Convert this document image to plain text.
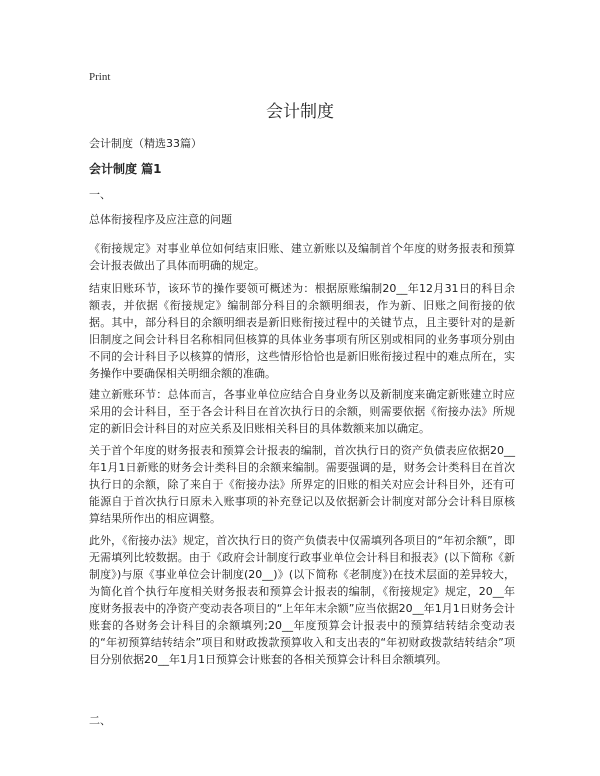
Print
会计制度

会计制度（精选33篇）

会计制度 篇1

一、

总体衔接程序及应注意的问题

《衔接规定》对事业单位如何结束旧账、建立新账以及编制首个年度的财务报表和预算会计报表做出了具体而明确的规定。

结束旧账环节，该环节的操作要领可概述为：根据原账编制20__年12月31日的科目余额表，并依据《衔接规定》编制部分科目的余额明细表，作为新、旧账之间衔接的依据。其中，部分科目的余额明细表是新旧账衔接过程中的关键节点，且主要针对的是新旧制度之间会计科目名称相同但核算的具体业务事项有所区别或相同的业务事项分别由不同的会计科目予以核算的情形，这些情形恰恰也是新旧账衔接过程中的难点所在，实务操作中要确保相关明细余额的准确。

建立新账环节：总体而言，各事业单位应结合自身业务以及新制度来确定新账建立时应采用的会计科目，至于各会计科目在首次执行日的余额，则需要依据《衔接办法》所规定的新旧会计科目的对应关系及旧账相关科目的具体数额来加以确定。

关于首个年度的财务报表和预算会计报表的编制，首次执行日的资产负债表应依据20__年1月1日新账的财务会计类科目的余额来编制。需要强调的是，财务会计类科目在首次执行日的余额，除了来自于《衔接办法》所界定的旧账的相关对应会计科目外，还有可能源自于首次执行日原未入账事项的补充登记以及依据新会计制度对部分会计科目原核算结果所作出的相应调整。

此外，《衔接办法》规定，首次执行日的资产负债表中仅需填列各项目的“年初余额”，即无需填列比较数据。由于《政府会计制度行政事业单位会计科目和报表》(以下简称《新制度》)与原《事业单位会计制度(20__)》(以下简称《老制度》)在技术层面的差异较大，为简化首个执行年度相关财务报表和预算会计报表的编制，《衔接规定》规定，20__年度财务报表中的净资产变动表各项目的“上年年末余额”应当依据20__年1月1日财务会计账套的各财务会计科目的余额填列;20__年度预算会计报表中的预算结转结余变动表的“年初预算结转结余”项目和财政拨款预算收入和支出表的“年初财政拨款结转结余”项目分别依据20__年1月1日预算会计账套的各相关预算会计科目余额填列。

二、
